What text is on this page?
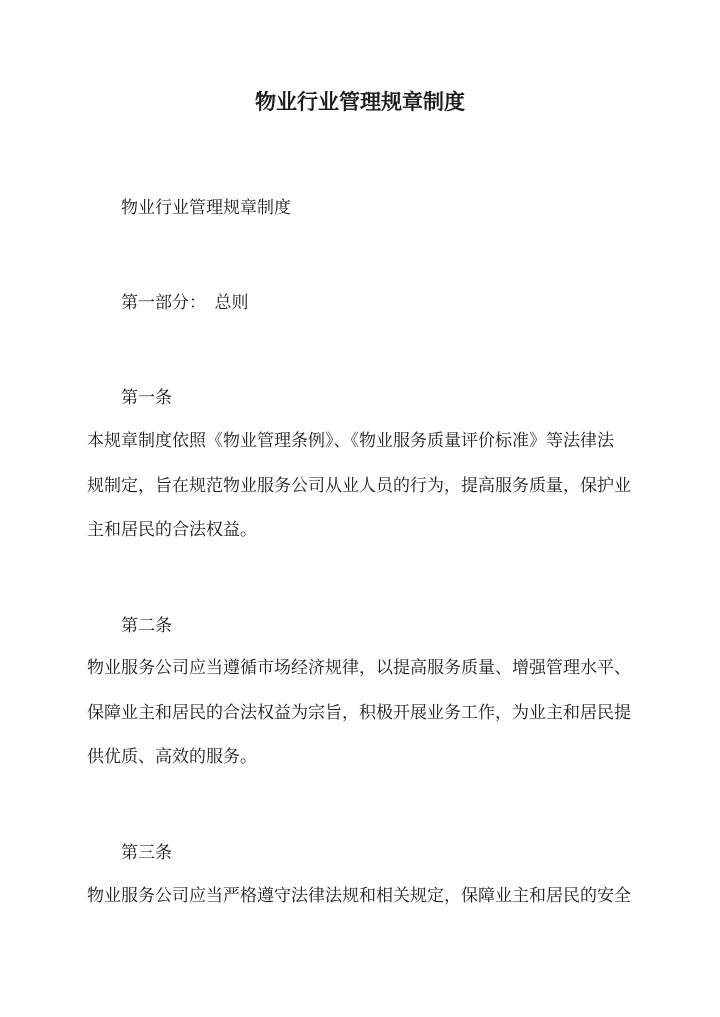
物业行业管理规章制度

物业行业管理规章制度

第一部分：　总则

第一条

本规章制度依照《物业管理条例》、《物业服务质量评价标准》等法律法

规制定，旨在规范物业服务公司从业人员的行为，提高服务质量，保护业

主和居民的合法权益。

第二条

物业服务公司应当遵循市场经济规律，以提高服务质量、增强管理水平、

保障业主和居民的合法权益为宗旨，积极开展业务工作，为业主和居民提

供优质、高效的服务。

第三条

物业服务公司应当严格遵守法律法规和相关规定，保障业主和居民的安全
